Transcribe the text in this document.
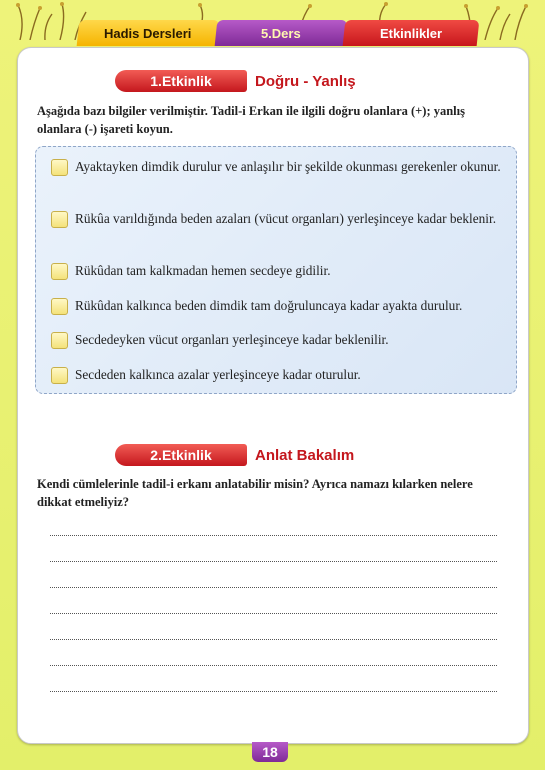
Hadis Dersleri	5.Ders	Etkinlikler
1.Etkinlik	Doğru - Yanlış
Aşağıda bazı bilgiler verilmiştir. Tadil-i Erkan ile ilgili doğru olanlara (+); yanlış olanlara (-) işareti koyun.
Ayaktayken dimdik durulur ve anlaşılır bir şekilde okunması gerekenler okunur.
Rükûa varıldığında beden azaları (vücut organları) yerleşinceye kadar beklenir.
Rükûdan tam kalkmadan hemen secdeye gidilir.
Rükûdan kalkınca beden dimdik tam doğruluncaya kadar ayakta durulur.
Secdedeyken vücut organları yerleşinceye kadar beklenilir.
Secdeden kalkınca azalar yerleşinceye kadar oturulur.
2.Etkinlik	Anlat Bakalım
Kendi cümlelerinle tadil-i erkanı anlatabilir misin? Ayrıca namazı kılarken nelere dikkat etmeliyiz?
18
